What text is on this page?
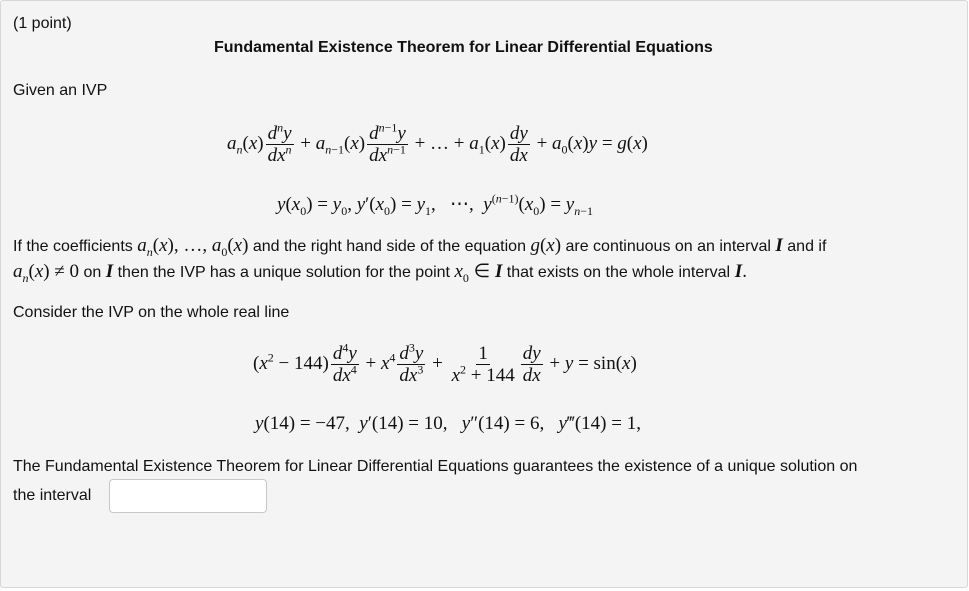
(1 point)
Fundamental Existence Theorem for Linear Differential Equations
Given an IVP
$a_n(x) \frac{d^ny}{dx^n} + a_{n-1}(x) \frac{d^{n-1}y}{dx^{n-1}}$ + … + $a_1(x) \frac{dy}{dx} + a_0(x)y = g(x)$
$y(x_0) = y_0$, $y'(x_0) = y_1$,   ⋯,  $y^{(n-1)}(x_0) = y_{n-1}$
If the coefficients $a_n(x)$, …, $a_0(x)$ and the right hand side of the equation g(x) are continuous on an interval I and if
$a_n(x) \ne 0$ on I then the IVP has a unique solution for the point $x_0$ ∈ I that exists on the whole interval I.
Consider the IVP on the whole real line
$(x^2 - 144) \frac{d^4y}{dx^4} + x^4 \frac{d^3y}{dx^3} + \frac{1}{x^2 + 144} \frac{dy}{dx} + y = \sin(x)$
y(14) = −47,  y′(14) = 10,   y″(14) = 6,   y‴(14) = 1,
The Fundamental Existence Theorem for Linear Differential Equations guarantees the existence of a unique solution on
the interval
